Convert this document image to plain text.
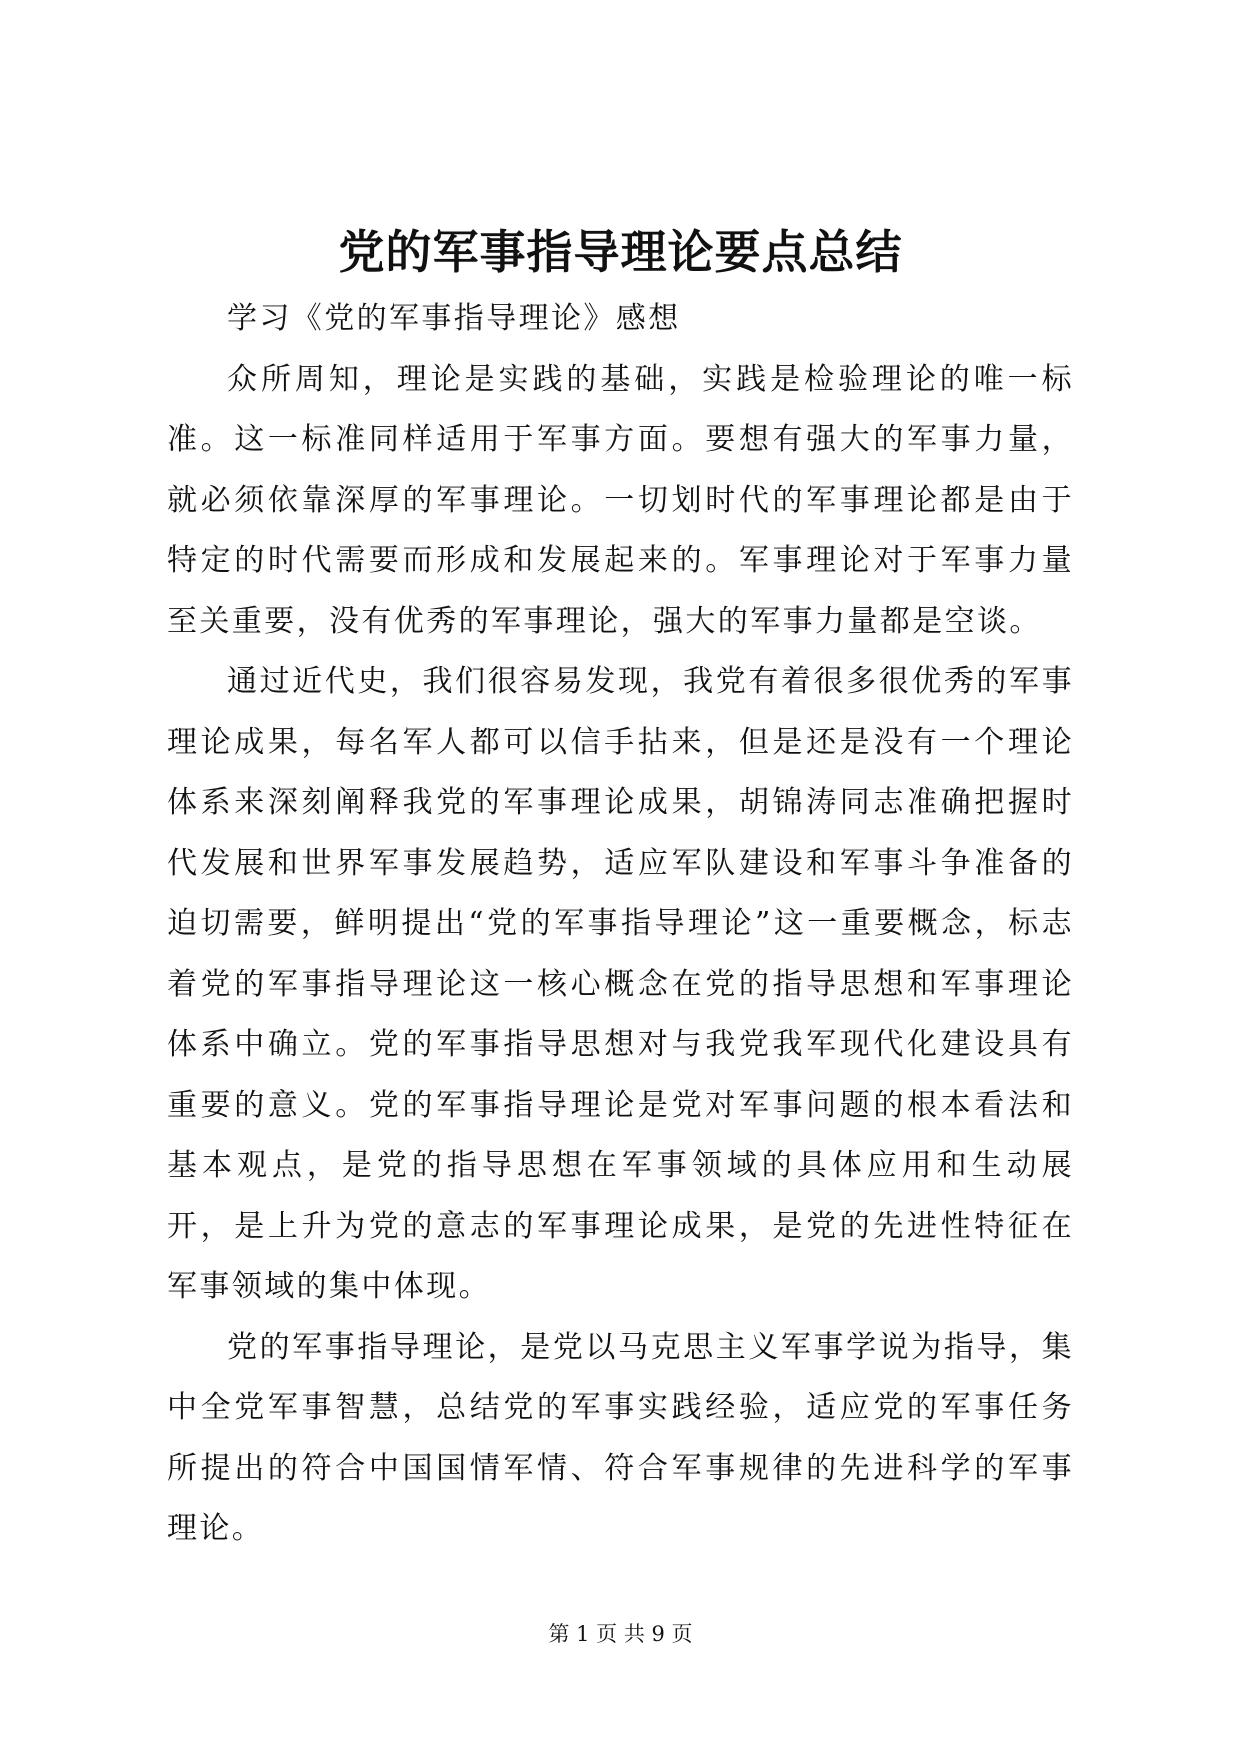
党的军事指导理论要点总结

学习《党的军事指导理论》感想

众所周知，理论是实践的基础，实践是检验理论的唯一标准。这一标准同样适用于军事方面。要想有强大的军事力量，就必须依靠深厚的军事理论。一切划时代的军事理论都是由于特定的时代需要而形成和发展起来的。军事理论对于军事力量至关重要，没有优秀的军事理论，强大的军事力量都是空谈。

通过近代史，我们很容易发现，我党有着很多很优秀的军事理论成果，每名军人都可以信手拈来，但是还是没有一个理论体系来深刻阐释我党的军事理论成果，胡锦涛同志准确把握时代发展和世界军事发展趋势，适应军队建设和军事斗争准备的迫切需要，鲜明提出“党的军事指导理论”这一重要概念，标志着党的军事指导理论这一核心概念在党的指导思想和军事理论体系中确立。党的军事指导思想对与我党我军现代化建设具有重要的意义。党的军事指导理论是党对军事问题的根本看法和基本观点，是党的指导思想在军事领域的具体应用和生动展开，是上升为党的意志的军事理论成果，是党的先进性特征在军事领域的集中体现。

党的军事指导理论，是党以马克思主义军事学说为指导，集中全党军事智慧，总结党的军事实践经验，适应党的军事任务所提出的符合中国国情军情、符合军事规律的先进科学的军事理论。

第 1 页 共 9 页
